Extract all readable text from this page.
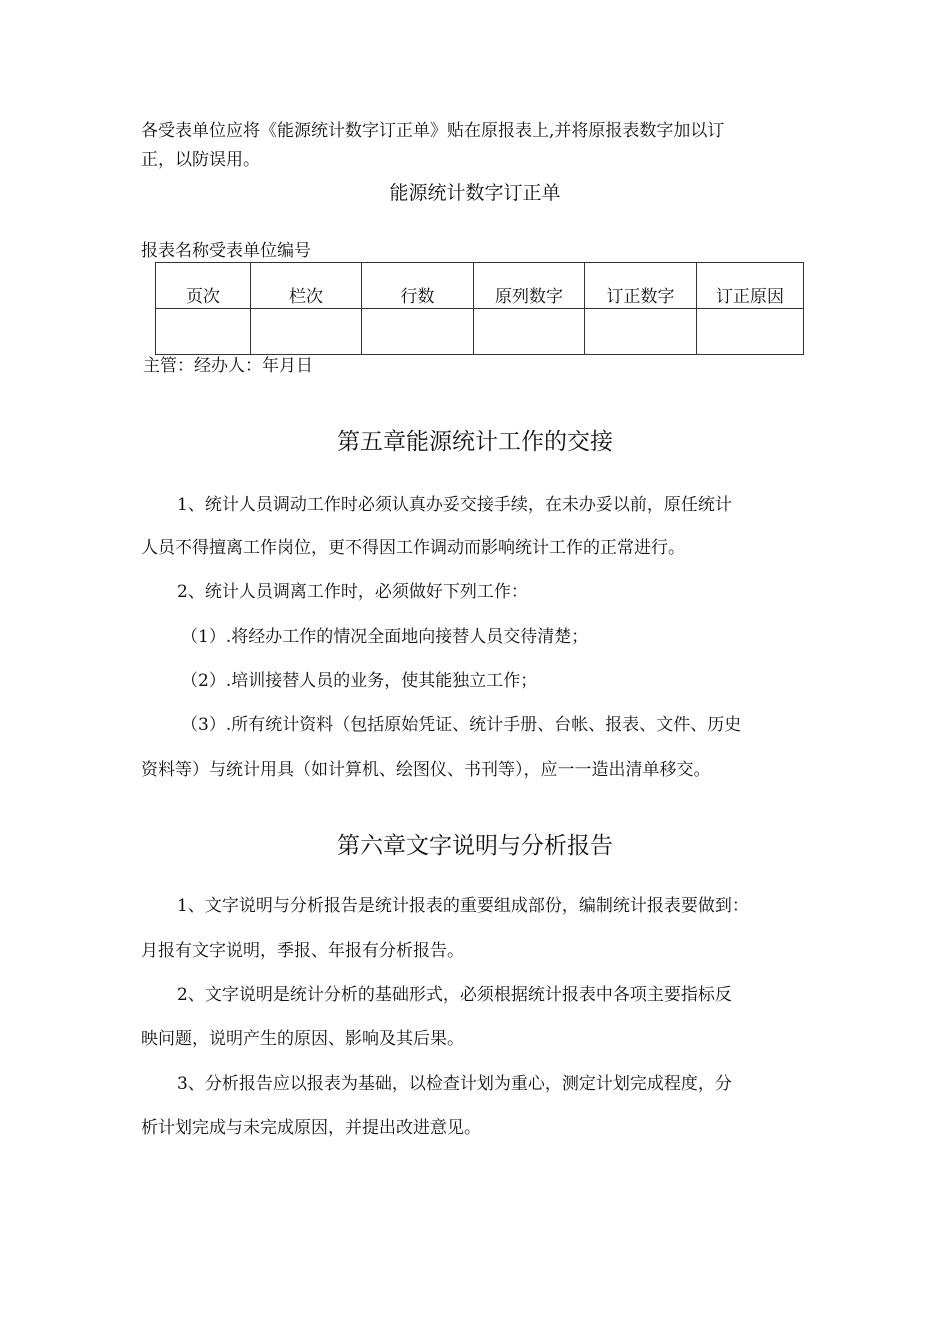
各受表单位应将《能源统计数字订正单》贴在原报表上,并将原报表数字加以订
正，以防误用。
能源统计数字订正单
报表名称受表单位编号
页次	栏次	行数	原列数字	订正数字	订正原因

主管：经办人：年月日
第五章能源统计工作的交接
1、统计人员调动工作时必须认真办妥交接手续，在未办妥以前，原任统计
人员不得擅离工作岗位，更不得因工作调动而影响统计工作的正常进行。
2、统计人员调离工作时，必须做好下列工作：
（1）.将经办工作的情况全面地向接替人员交待清楚；
（2）.培训接替人员的业务，使其能独立工作；
（3）.所有统计资料（包括原始凭证、统计手册、台帐、报表、文件、历史
资料等）与统计用具（如计算机、绘图仪、书刊等），应一一造出清单移交。
第六章文字说明与分析报告
1、文字说明与分析报告是统计报表的重要组成部份，编制统计报表要做到：
月报有文字说明，季报、年报有分析报告。
2、文字说明是统计分析的基础形式，必须根据统计报表中各项主要指标反
映问题，说明产生的原因、影响及其后果。
3、分析报告应以报表为基础，以检查计划为重心，测定计划完成程度，分
析计划完成与未完成原因，并提出改进意见。
